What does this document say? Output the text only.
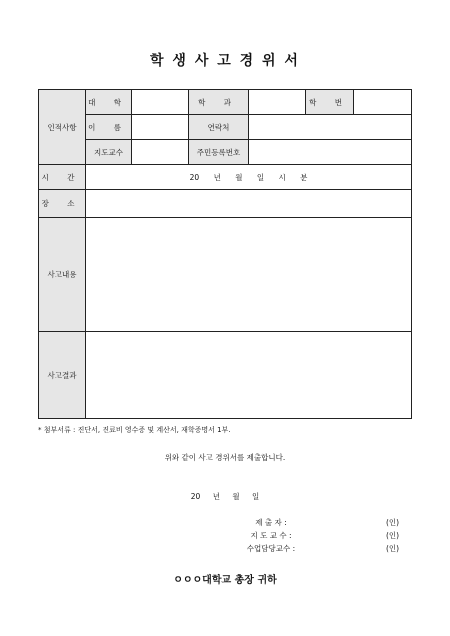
학 생 사 고 경 위 서
인적사항	대 학		학 과		학 번	
	이 름		연락처			
	지도교수		주민등록번호			
시 간	20 년 월 일 시 분					
장 소						
사고내용						
사고결과						
* 첨부서류 : 진단서, 진료비 영수증 및 계산서, 재학증명서 1부.
위와 같이 사고 경위서를 제출합니다.
20 년 월 일
제 출 자 :	(인)
지 도 교 수 :	(인)
수업담당교수 :	(인)
ㅇㅇㅇ대학교 총장 귀하
